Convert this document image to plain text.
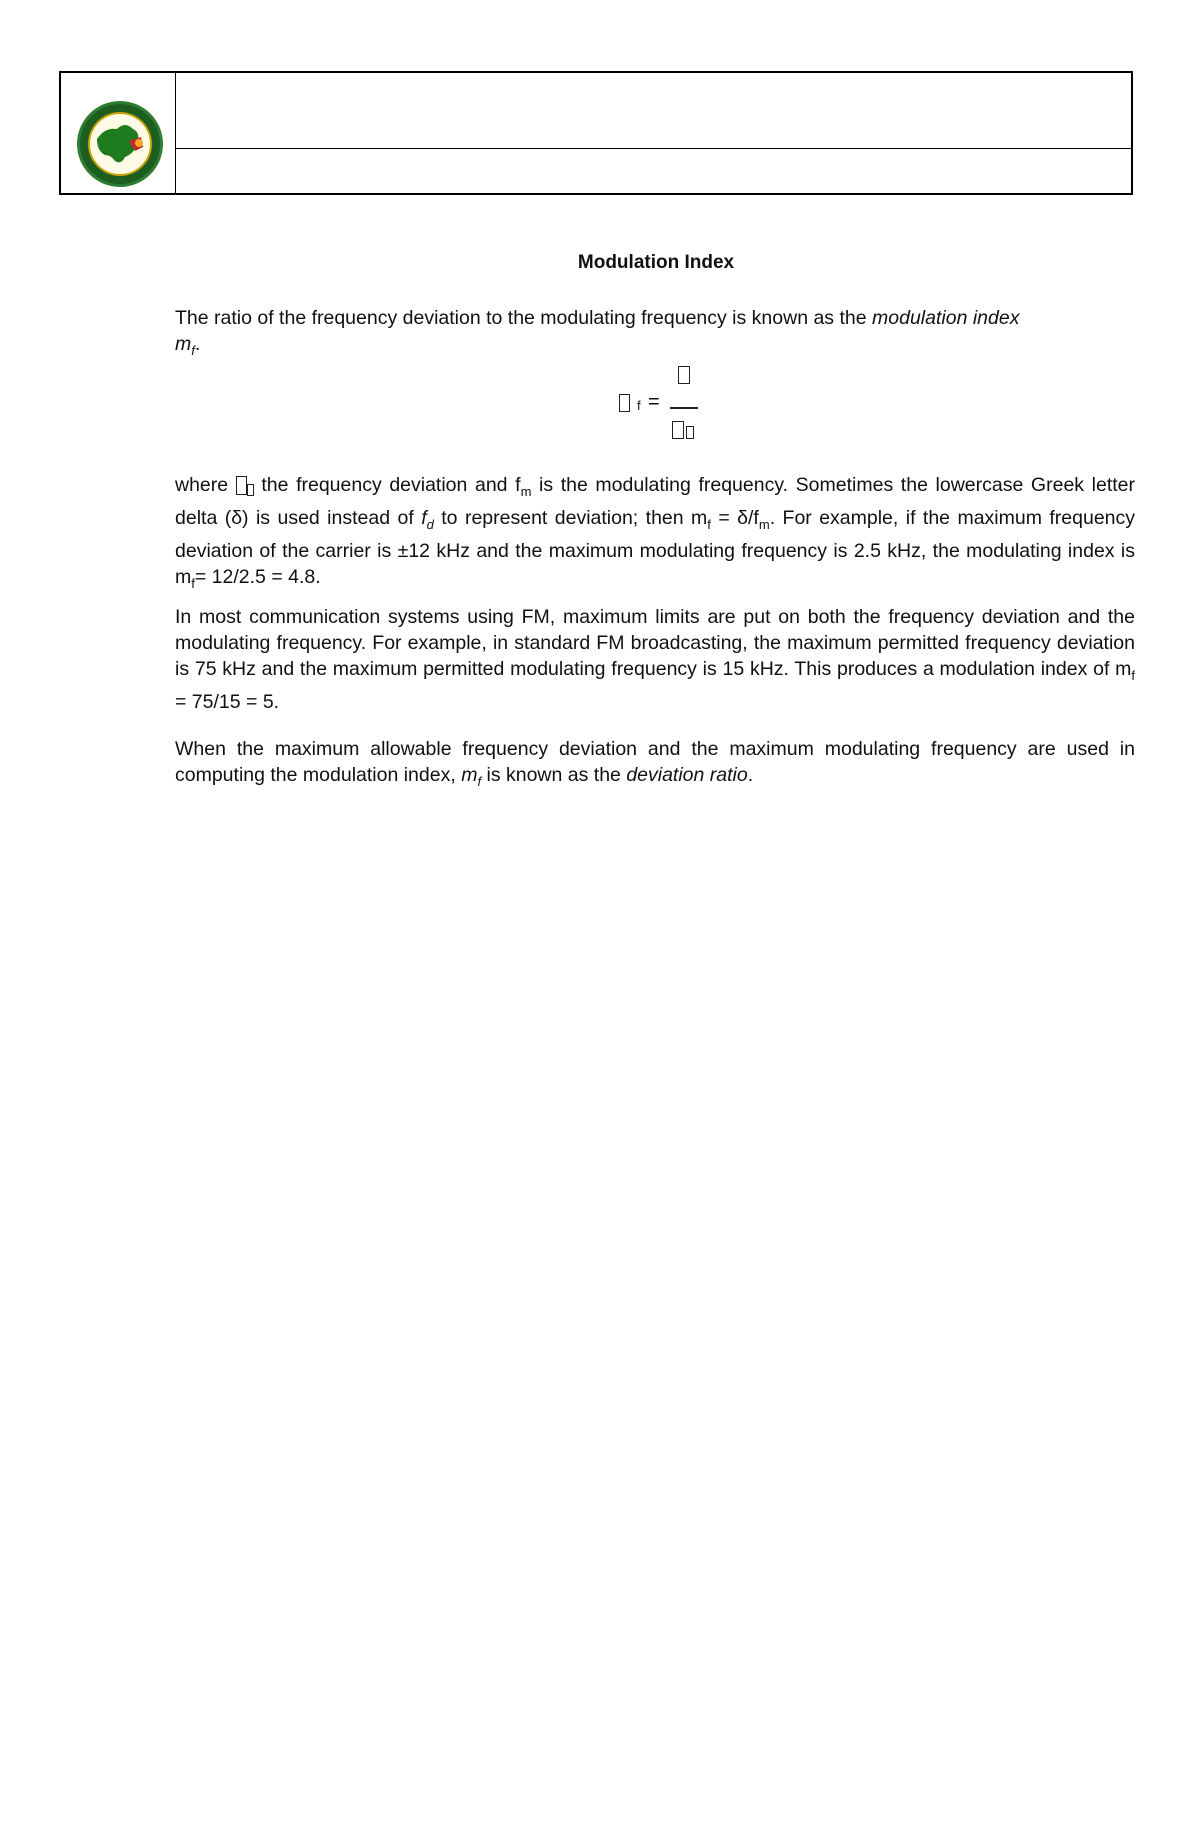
Modulation Index

The ratio of the frequency deviation to the modulating frequency is known as the modulation index
$m_f$.

f =

where  the frequency deviation and $f_m$ is the modulating frequency. Sometimes the lowercase Greek letter delta (δ) is used instead of $f_d$ to represent deviation; then $m_f = \delta/f_m$. For example, if the maximum frequency deviation of the carrier is ±12 kHz and the maximum modulating frequency is 2.5 kHz, the modulating index is $m_f= 12/2.5 = 4.8$.

In most communication systems using FM, maximum limits are put on both the frequency deviation and the modulating frequency. For example, in standard FM broadcasting, the maximum permitted frequency deviation is 75 kHz and the maximum permitted modulating frequency is 15 kHz. This produces a modulation index of $m_f = 75/15 = 5$.

When the maximum allowable frequency deviation and the maximum modulating frequency are used in computing the modulation index, $m_f$ is known as the deviation ratio.
